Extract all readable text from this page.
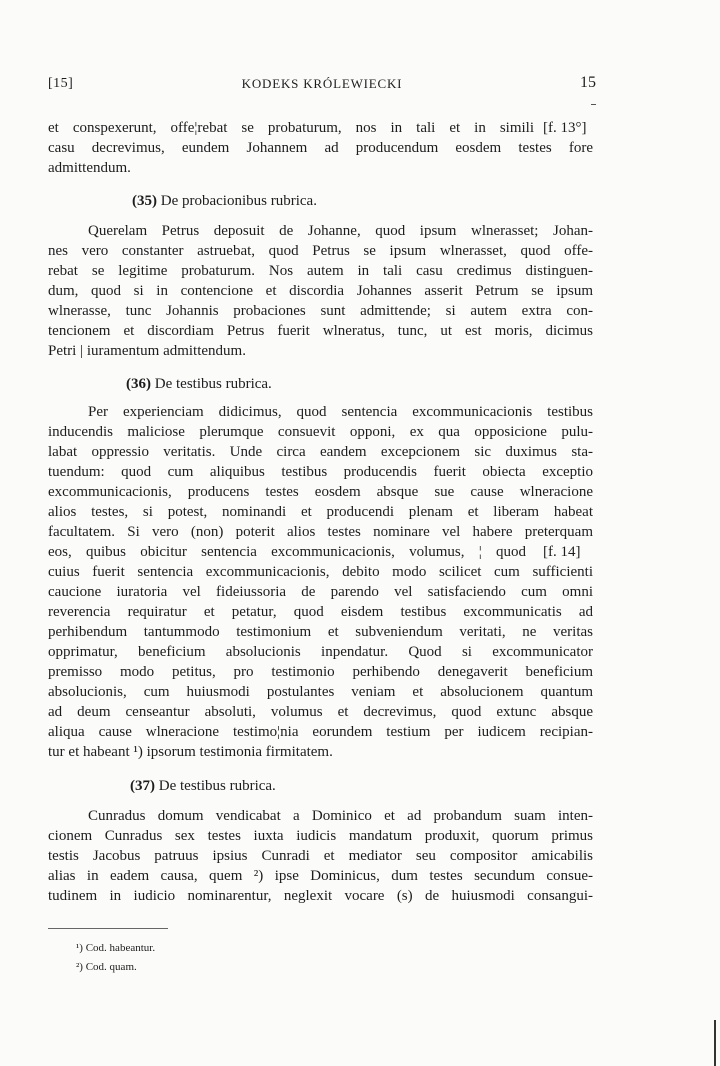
[15]	KODEKS KRÓLEWIECKI	15
et conspexerunt, offe¦rebat se probaturum, nos in tali et in simili [f. 13°]
casu decrevimus, eundem Johannem ad producendum eosdem testes fore
admittendum.
(35) De probacionibus rubrica.
Querelam Petrus deposuit de Johanne, quod ipsum wlnerasset; Johan-
nes vero constanter astruebat, quod Petrus se ipsum wlnerasset, quod offe-
rebat se legitime probaturum. Nos autem in tali casu credimus distinguen-
dum, quod si in contencione et discordia Johannes asserit Petrum se ipsum
wlnerasse, tunc Johannis probaciones sunt admittende; si autem extra con-
tencionem et discordiam Petrus fuerit wlneratus, tunc, ut est moris, dicimus
Petri | iuramentum admittendum.
(36) De testibus rubrica.
Per experienciam didicimus, quod sentencia excommunicacionis testibus
inducendis maliciose plerumque consuevit opponi, ex qua opposicione pulu-
labat oppressio veritatis. Unde circa eandem excepcionem sic duximus sta-
tuendum: quod cum aliquibus testibus producendis fuerit obiecta exceptio
excommunicacionis, producens testes eosdem absque sue cause wlneracione
alios testes, si potest, nominandi et producendi plenam et liberam habeat
facultatem. Si vero (non) poterit alios testes nominare vel habere preterquam
eos, quibus obicitur sentencia excommunicacionis, volumus, ¦ quod [f. 14]
cuius fuerit sentencia excommunicacionis, debito modo scilicet cum sufficienti
caucione iuratoria vel fideiussoria de parendo vel satisfaciendo cum omni
reverencia requiratur et petatur, quod eisdem testibus excommunicatis ad
perhibendum tantummodo testimonium et subveniendum veritati, ne veritas
opprimatur, beneficium absolucionis inpendatur. Quod si excommunicator
premisso modo petitus, pro testimonio perhibendo denegaverit beneficium
absolucionis, cum huiusmodi postulantes veniam et absolucionem quantum
ad deum censeantur absoluti, volumus et decrevimus, quod extunc absque
aliqua cause wlneracione testimo¦nia eorundem testium per iudicem recipian-
tur et habeant ¹) ipsorum testimonia firmitatem.
(37) De testibus rubrica.
Cunradus domum vendicabat a Dominico et ad probandum suam inten-
cionem Cunradus sex testes iuxta iudicis mandatum produxit, quorum primus
testis Jacobus patruus ipsius Cunradi et mediator seu compositor amicabilis
alias in eadem causa, quem ²) ipse Dominicus, dum testes secundum consue-
tudinem in iudicio nominarentur, neglexit vocare (s) de huiusmodi consangui-
¹) Cod. habeantur.
²) Cod. quam.
